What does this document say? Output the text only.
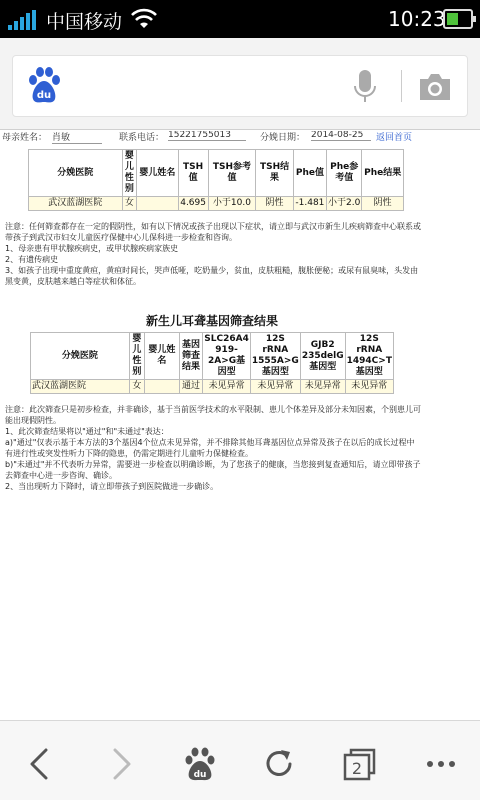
中国移动	10:23
du
母亲姓名： 肖敏	联系电话： 15221755013	分娩日期： 2014-08-25	返回首页
分娩医院	婴儿性别	婴儿姓名	TSH值	TSH参考值	TSH结果	Phe值	Phe参考值	Phe结果
武汉蓝湖医院	女		4.695	小于10.0	阴性	-1.481	小于2.0	阴性

注意：任何筛查都存在一定的假阴性，如有以下情况或孩子出现以下症状，请立即与武汉市新生儿疾病筛查中心联系或带孩子到武汉市妇女儿童医疗保健中心儿保科进一步检查和咨询。

1、母亲患有甲状腺疾病史，或甲状腺疾病家族史

2、有遗传病史

3、如孩子出现中重度黄疸，黄疸时间长，哭声低哑，吃奶量少，贫血，皮肤粗糙，腹胀便秘；或尿有鼠臭味，头发由黑变黄，皮肤越来越白等症状和体征。

新生儿耳聋基因筛查结果
分娩医院	婴儿性别	婴儿姓名	基因筛查结果	SLC26A4 919-2A>G基因型	12S rRNA 1555A>G基因型	GJB2 235delG基因型	12S rRNA 1494C>T基因型
武汉蓝湖医院	女		通过	未见异常	未见异常	未见异常	未见异常

注意：此次筛查只是初步检查，并非确诊，基于当前医学技术的水平限制、患儿个体差异及部分未知因素，个别患儿可能出现假阴性。

1、此次筛查结果将以"通过"和"未通过"表达：

a)"通过"仅表示基于本方法的3个基因4个位点未见异常，并不排除其他耳聋基因位点异常及孩子在以后的成长过程中有进行性或突发性听力下降的隐患，仍需定期进行儿童听力保健检查。

b)"未通过"并不代表听力异常，需要进一步检查以明确诊断，为了您孩子的健康，当您接到复查通知后，请立即带孩子去筛查中心进一步咨询、确诊。

2、当出现听力下降时，请立即带孩子到医院做进一步确诊。

du	2
